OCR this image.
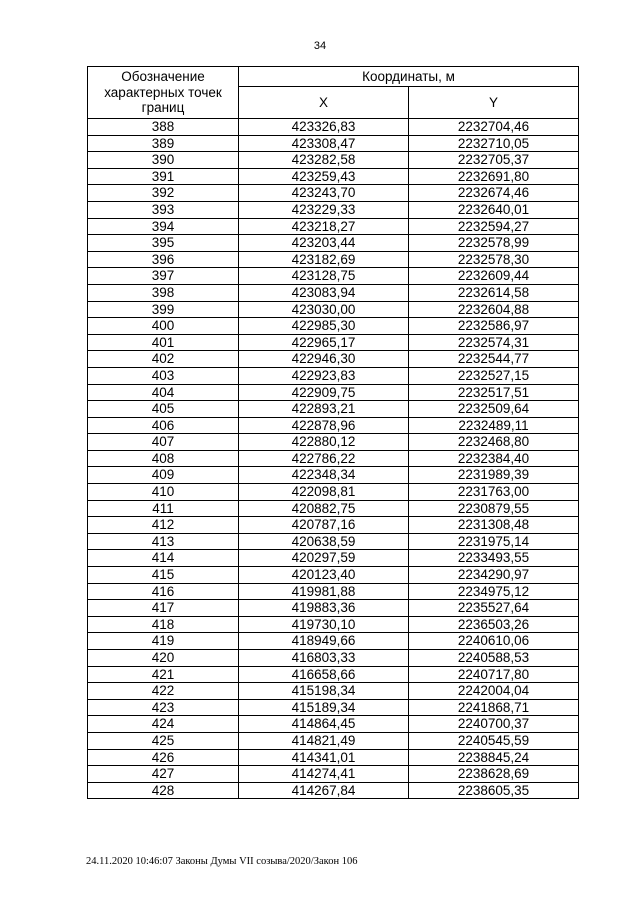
34
Обозначение характерных точек границ	Координаты, м	
	X	Y
388	423326,83	2232704,46
389	423308,47	2232710,05
390	423282,58	2232705,37
391	423259,43	2232691,80
392	423243,70	2232674,46
393	423229,33	2232640,01
394	423218,27	2232594,27
395	423203,44	2232578,99
396	423182,69	2232578,30
397	423128,75	2232609,44
398	423083,94	2232614,58
399	423030,00	2232604,88
400	422985,30	2232586,97
401	422965,17	2232574,31
402	422946,30	2232544,77
403	422923,83	2232527,15
404	422909,75	2232517,51
405	422893,21	2232509,64
406	422878,96	2232489,11
407	422880,12	2232468,80
408	422786,22	2232384,40
409	422348,34	2231989,39
410	422098,81	2231763,00
411	420882,75	2230879,55
412	420787,16	2231308,48
413	420638,59	2231975,14
414	420297,59	2233493,55
415	420123,40	2234290,97
416	419981,88	2234975,12
417	419883,36	2235527,64
418	419730,10	2236503,26
419	418949,66	2240610,06
420	416803,33	2240588,53
421	416658,66	2240717,80
422	415198,34	2242004,04
423	415189,34	2241868,71
424	414864,45	2240700,37
425	414821,49	2240545,59
426	414341,01	2238845,24
427	414274,41	2238628,69
428	414267,84	2238605,35
24.11.2020 10:46:07 Законы Думы VII созыва/2020/Закон 106
